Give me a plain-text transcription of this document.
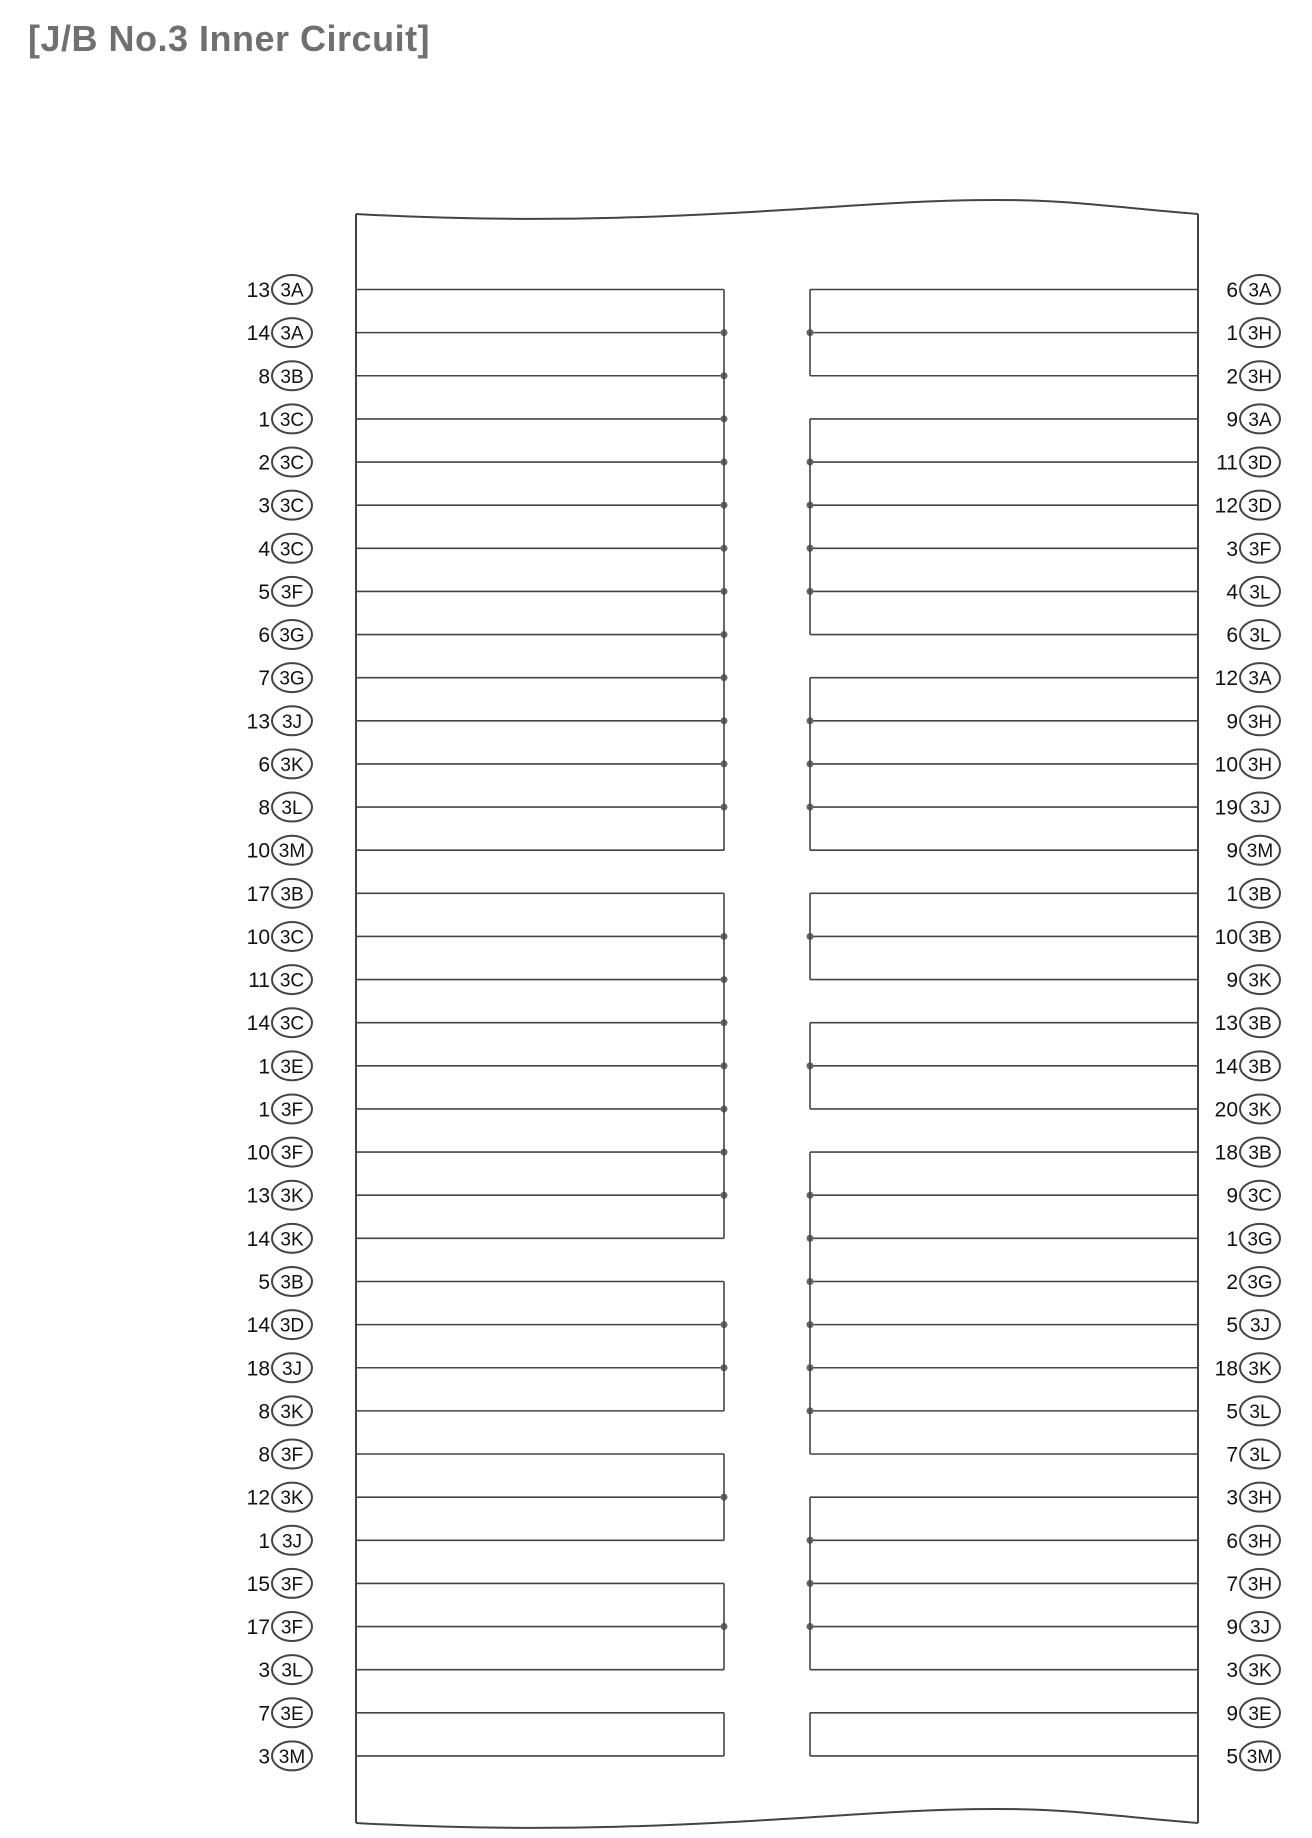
[J/B No.3 Inner Circuit]
13 3A
14 3A
8 3B
1 3C
2 3C
3 3C
4 3C
5 3F
6 3G
7 3G
13 3J
6 3K
8 3L
10 3M
17 3B
10 3C
11 3C
14 3C
1 3E
1 3F
10 3F
13 3K
14 3K
5 3B
14 3D
18 3J
8 3K
8 3F
12 3K
1 3J
15 3F
17 3F
3 3L
7 3E
3 3M
6 3A
1 3H
2 3H
9 3A
11 3D
12 3D
3 3F
4 3L
6 3L
12 3A
9 3H
10 3H
19 3J
9 3M
1 3B
10 3B
9 3K
13 3B
14 3B
20 3K
18 3B
9 3C
1 3G
2 3G
5 3J
18 3K
5 3L
7 3L
3 3H
6 3H
7 3H
9 3J
3 3K
9 3E
5 3M
